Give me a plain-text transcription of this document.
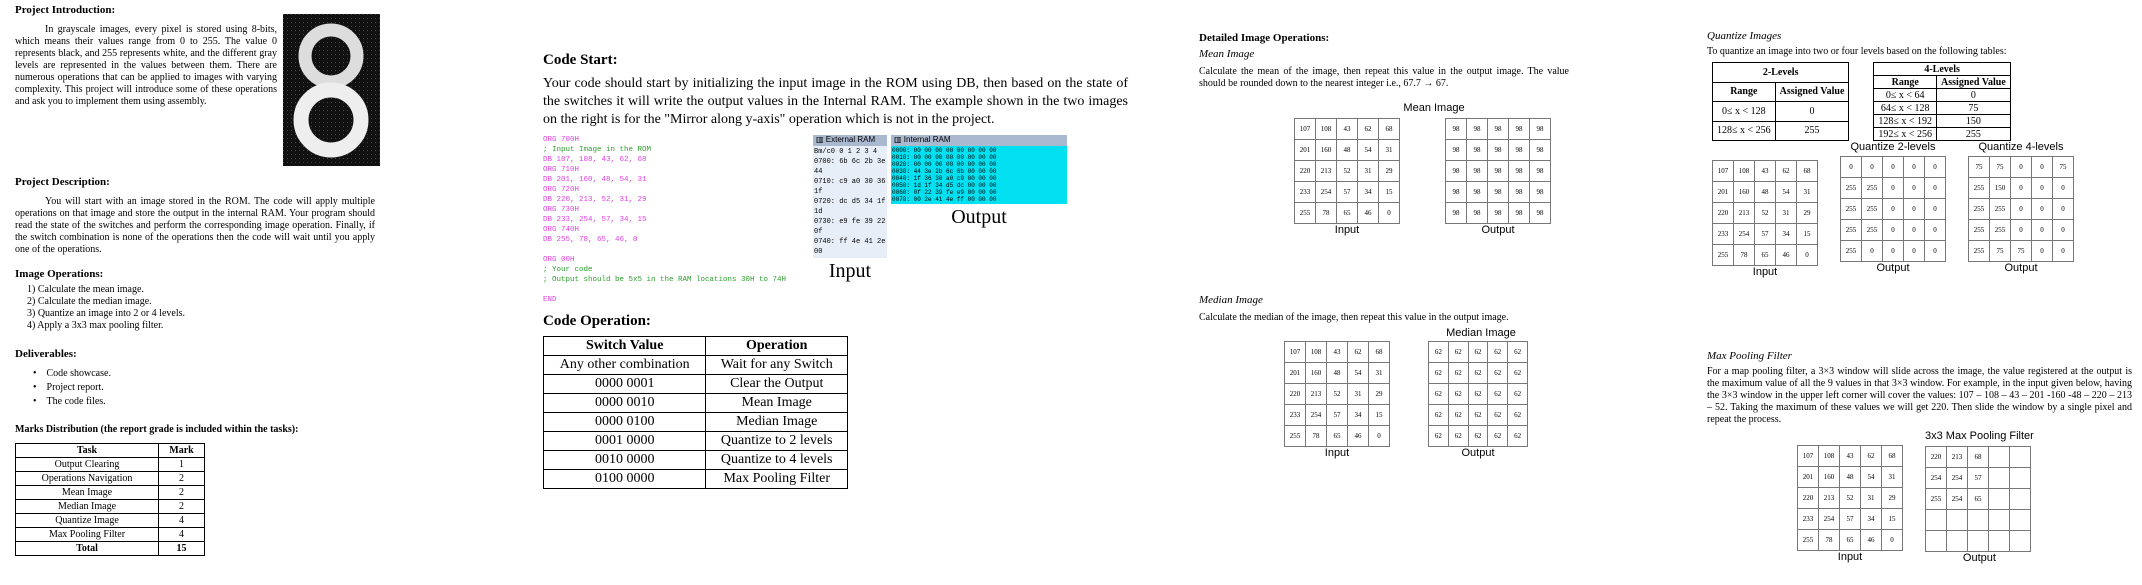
Project Introduction:

In grayscale images, every pixel is stored using 8-bits, which means their values range from 0 to 255. The value 0 represents black, and 255 represents white, and the different gray levels are represented in the values between them. There are numerous operations that can be applied to images with varying complexity. This project will introduce some of these operations and ask you to implement them using assembly.

Project Description:

You will start with an image stored in the ROM. The code will apply multiple operations on that image and store the output in the internal RAM. Your program should read the state of the switches and perform the corresponding image operation. Finally, if the switch combination is none of the operations then the code will wait until you apply one of the operations.

Image Operations:

1) Calculate the mean image.
2) Calculate the median image.
3) Quantize an image into 2 or 4 levels.
4) Apply a 3x3 max pooling filter.

Deliverables:

•    Code showcase.
•    Project report.
•    The code files.

Marks Distribution (the report grade is included within the tasks):

Task	Mark
Output Clearing	1
Operations Navigation	2
Mean Image	2
Median Image	2
Quantize Image	4
Max Pooling Filter	4
Total	15

Code Start:

Your code should start by initializing the input image in the ROM using DB, then based on the state of the switches it will write the output values in the Internal RAM. The example shown in the two images on the right is for the "Mirror along y-axis" operation which is not in the project.

ORG 700H
; Input Image in the ROM
DB 107, 108, 43, 62, 68
ORG 710H
DB 201, 160, 48, 54, 31
ORG 720H
DB 220, 213, 52, 31, 29
ORG 730H
DB 233, 254, 57, 34, 15
ORG 740H
DB 255, 78, 65, 46, 0
ORG 00H
; Your code
; Output should be 5x5 in the RAM locations 30H to 74H
END
▥ External RAM
Bm/c0 0 1 2 3 4
0700: 6b 6c 2b 3e 44
0710: c9 a0 30 36 1f
0720: dc d5 34 1f 1d
0730: e9 fe 39 22 0f
0740: ff 4e 41 2e 00
Input
▥ Internal RAM
0000: 00 00 00 00 00 00 00 00
0010: 00 00 00 00 00 00 00 00
0020: 00 00 00 00 00 00 00 00
0030: 44 3e 2b 6c 6b 00 00 00
0040: 1f 36 30 a0 c9 00 00 00
0050: 1d 1f 34 d5 dc 00 00 00
0060: 0f 22 39 fe e9 00 00 00
0070: 00 2e 41 4e ff 00 00 00
Output

Code Operation:

Switch Value	Operation
Any other combination	Wait for any Switch
0000 0001	Clear the Output
0000 0010	Mean Image
0000 0100	Median Image
0001 0000	Quantize to 2 levels
0010 0000	Quantize to 4 levels
0100 0000	Max Pooling Filter

Detailed Image Operations:

Mean Image

Calculate the mean of the image, then repeat this value in the output image. The value should be rounded down to the nearest integer i.e., 67.7 → 67.

Mean Image
107	108	43	62	68
201	160	48	54	31
220	213	52	31	29
233	254	57	34	15
255	78	65	46	0
Input
98	98	98	98	98
98	98	98	98	98
98	98	98	98	98
98	98	98	98	98
98	98	98	98	98
Output
Median Image

Calculate the median of the image, then repeat this value in the output image.

Median Image
107	108	43	62	68
201	160	48	54	31
220	213	52	31	29
233	254	57	34	15
255	78	65	46	0
Input
62	62	62	62	62
62	62	62	62	62
62	62	62	62	62
62	62	62	62	62
62	62	62	62	62
Output
Quantize Images

To quantize an image into two or four levels based on the following tables:

2-Levels	
Range	Assigned Value
0≤ x < 128	0
128≤ x < 256	255
4-Levels	
Range	Assigned Value
0≤ x < 64	0
64≤ x < 128	75
128≤ x < 192	150
192≤ x < 256	255
107	108	43	62	68
201	160	48	54	31
220	213	52	31	29
233	254	57	34	15
255	78	65	46	0
Input
Quantize 2-levels
0	0	0	0	0
255	255	0	0	0
255	255	0	0	0
255	255	0	0	0
255	0	0	0	0
Output
Quantize 4-levels
75	75	0	0	75
255	150	0	0	0
255	255	0	0	0
255	255	0	0	0
255	75	75	0	0
Output
Max Pooling Filter

For a map pooling filter, a 3×3 window will slide across the image, the value registered at the output is the maximum value of all the 9 values in that 3×3 window. For example, in the input given below, having the 3×3 window in the upper left corner will cover the values: 107 – 108 – 43 – 201 -160 -48 – 220 – 213 – 52. Taking the maximum of these values we will get 220. Then slide the window by a single pixel and repeat the process.

107	108	43	62	68
201	160	48	54	31
220	213	52	31	29
233	254	57	34	15
255	78	65	46	0
Input
3x3 Max Pooling Filter
220	213	68		
254	254	57		
255	254	65		

Output
